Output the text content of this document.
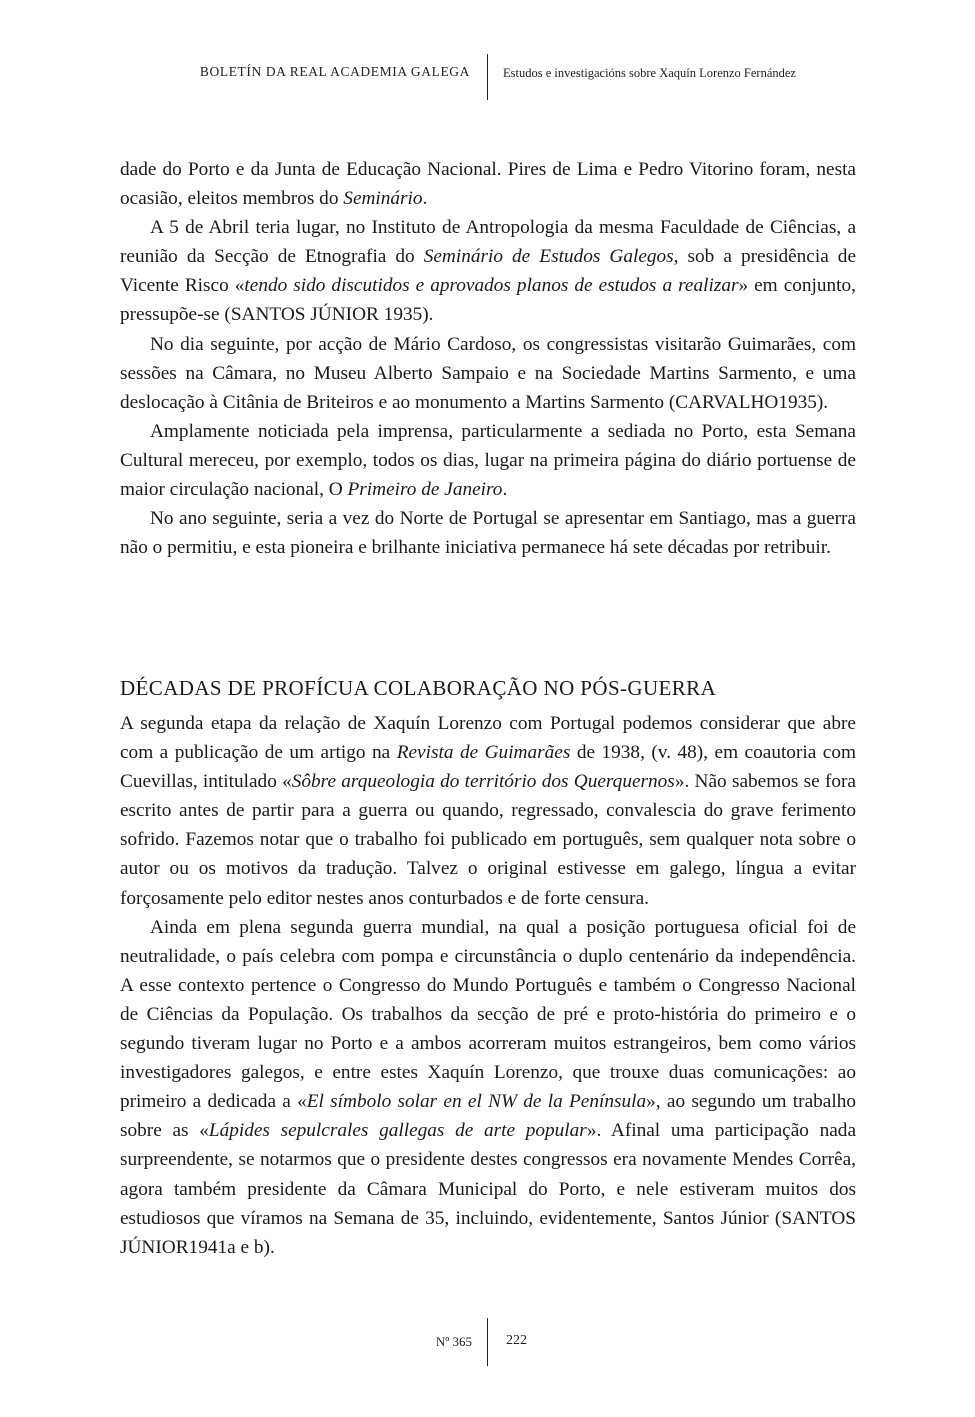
BOLETÍN DA REAL ACADEMIA GALEGA	Estudos e investigacións sobre Xaquín Lorenzo Fernández

dade do Porto e da Junta de Educação Nacional. Pires de Lima e Pedro Vitorino foram, nesta ocasião, eleitos membros do Seminário.

A 5 de Abril teria lugar, no Instituto de Antropologia da mesma Faculdade de Ciências, a reunião da Secção de Etnografia do Seminário de Estudos Galegos, sob a presidência de Vicente Risco «tendo sido discutidos e aprovados planos de estudos a realizar» em conjunto, pressupõe-se (SANTOS JÚNIOR 1935).

No dia seguinte, por acção de Mário Cardoso, os congressistas visitarão Guimarães, com sessões na Câmara, no Museu Alberto Sampaio e na Sociedade Martins Sarmento, e uma deslocação à Citânia de Briteiros e ao monumento a Martins Sarmento (CARVALHO1935).

Amplamente noticiada pela imprensa, particularmente a sediada no Porto, esta Semana Cultural mereceu, por exemplo, todos os dias, lugar na primeira página do diário portuense de maior circulação nacional, O Primeiro de Janeiro.

No ano seguinte, seria a vez do Norte de Portugal se apresentar em Santiago, mas a guerra não o permitiu, e esta pioneira e brilhante iniciativa permanece há sete décadas por retribuir.

DÉCADAS DE PROFÍCUA COLABORAÇÃO NO PÓS-GUERRA

A segunda etapa da relação de Xaquín Lorenzo com Portugal podemos considerar que abre com a publicação de um artigo na Revista de Guimarães de 1938, (v. 48), em coautoria com Cuevillas, intitulado «Sôbre arqueologia do território dos Querquernos». Não sabemos se fora escrito antes de partir para a guerra ou quando, regressado, convalescia do grave ferimento sofrido. Fazemos notar que o trabalho foi publicado em português, sem qualquer nota sobre o autor ou os motivos da tradução. Talvez o original estivesse em galego, língua a evitar forçosamente pelo editor nestes anos conturbados e de forte censura.

Ainda em plena segunda guerra mundial, na qual a posição portuguesa oficial foi de neutralidade, o país celebra com pompa e circunstância o duplo centenário da independência. A esse contexto pertence o Congresso do Mundo Português e também o Congresso Nacional de Ciências da População. Os trabalhos da secção de pré e proto-história do primeiro e o segundo tiveram lugar no Porto e a ambos acorreram muitos estrangeiros, bem como vários investigadores galegos, e entre estes Xaquín Lorenzo, que trouxe duas comunicações: ao primeiro a dedicada a «El símbolo solar en el NW de la Península», ao segundo um trabalho sobre as «Lápides sepulcrales gallegas de arte popular». Afinal uma participação nada surpreendente, se notarmos que o presidente destes congressos era novamente Mendes Corrêa, agora também presidente da Câmara Municipal do Porto, e nele estiveram muitos dos estudiosos que víramos na Semana de 35, incluindo, evidentemente, Santos Júnior (SANTOS JÚNIOR1941a e b).

Nº 365 222
